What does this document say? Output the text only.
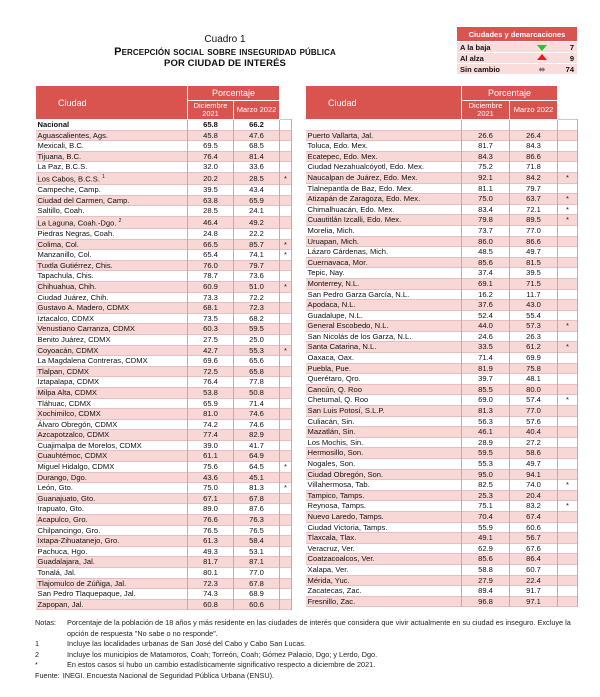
Cuadro 1
Percepción social sobre inseguridad pública
POR CIUDAD DE INTERÉS
Ciudades y demarcaciones		
A la baja		7
Al alza		9
Sin cambio	⬌	74
Ciudad	Porcentaje		
	Diciembre 2021	Marzo 2022	
Nacional	65.8	66.2	
Aguascalientes, Ags.	45.8	47.6	
Mexicali, B.C.	69.5	68.5	
Tijuana, B.C.	76.4	81.4	
La Paz, B.C.S.	32.0	33.6	
Los Cabos, B.C.S. $^1$	20.2	28.5	*
Campeche, Camp.	39.5	43.4	
Ciudad del Carmen, Camp.	63.8	65.9	
Saltillo, Coah.	28.5	24.1	
La Laguna, Coah.-Dgo. $^2$	46.4	49.2	
Piedras Negras, Coah.	24.8	22.2	
Colima, Col.	66.5	85.7	*
Manzanillo, Col.	65.4	74.1	*
Tuxtla Gutiérrez, Chis.	76.0	79.7	
Tapachula, Chis.	78.7	73.6	
Chihuahua, Chih.	60.9	51.0	*
Ciudad Juárez, Chih.	73.3	72.2	
Gustavo A. Madero, CDMX	68.1	72.3	
Iztacalco, CDMX	73.5	68.2	
Venustiano Carranza, CDMX	60.3	59.5	
Benito Juárez, CDMX	27.5	25.0	
Coyoacán, CDMX	42.7	55.3	*
La Magdalena Contreras, CDMX	69.6	65.6	
Tlalpan, CDMX	72.5	65.8	
Iztapalapa, CDMX	76.4	77.8	
Milpa Alta, CDMX	53.8	50.8	
Tláhuac, CDMX	65.9	71.4	
Xochimilco, CDMX	81.0	74.6	
Álvaro Obregón, CDMX	74.2	74.6	
Azcapotzalco, CDMX	77.4	82.9	
Cuajimalpa de Morelos, CDMX	39.0	41.7	
Cuauhtémoc, CDMX	61.1	64.9	
Miguel Hidalgo, CDMX	75.6	64.5	*
Durango, Dgo.	43.6	45.1	
León, Gto.	75.0	81.3	*
Guanajuato, Gto.	67.1	67.8	
Irapuato, Gto.	89.0	87.6	
Acapulco, Gro.	76.6	76.3	
Chilpancingo, Gro.	76.5	76.5	
Ixtapa-Zihuatanejo, Gro.	61.3	58.4	
Pachuca, Hgo.	49.3	53.1	
Guadalajara, Jal.	81.7	87.1	
Tonalá, Jal.	80.1	77.0	
Tlajomulco de Zúñiga, Jal.	72.3	67.8	
San Pedro Tlaquepaque, Jal.	74.3	68.9	
Zapopan, Jal.	60.8	60.6	
Ciudad	Porcentaje		
	Diciembre 2021	Marzo 2022	

Puerto Vallarta, Jal.	26.6	26.4	
Toluca, Edo. Mex.	81.7	84.3	
Ecatepec, Edo. Mex.	84.3	86.6	
Ciudad Nezahualcóyotl, Edo. Mex.	75.2	71.8	
Naucalpan de Juárez, Edo. Mex.	92.1	84.2	*
Tlalnepantla de Baz, Edo. Mex.	81.1	79.7	
Atizapán de Zaragoza, Edo. Mex.	75.0	63.7	*
Chimalhuacán, Edo. Mex.	83.4	72.1	*
Cuautitlán Izcalli, Edo. Mex.	79.8	89.5	*
Morelia, Mich.	73.7	77.0	
Uruapan, Mich.	86.0	86.6	
Lázaro Cárdenas, Mich.	48.5	49.7	
Cuernavaca, Mor.	85.6	81.5	
Tepic, Nay.	37.4	39.5	
Monterrey, N.L.	69.1	71.5	
San Pedro Garza García, N.L.	16.2	11.7	
Apodaca, N.L.	37.6	43.0	
Guadalupe, N.L.	52.4	55.4	
General Escobedo, N.L.	44.0	57.3	*
San Nicolás de los Garza, N.L.	24.6	26.3	
Santa Catarina, N.L.	33.5	61.2	*
Oaxaca, Oax.	71.4	69.9	
Puebla, Pue.	81.9	75.8	
Querétaro, Qro.	39.7	48.1	
Cancún, Q. Roo	85.5	80.0	
Chetumal, Q. Roo	69.0	57.4	*
San Luis Potosí, S.L.P.	81.3	77.0	
Culiacán, Sin.	56.3	57.6	
Mazatlán, Sin.	46.1	40.4	
Los Mochis, Sin.	28.9	27.2	
Hermosillo, Son.	59.5	58.6	
Nogales, Son.	55.3	49.7	
Ciudad Obregón, Son.	95.0	94.1	
Villahermosa, Tab.	82.5	74.0	*
Tampico, Tamps.	25.3	20.4	
Reynosa, Tamps.	75.1	83.2	*
Nuevo Laredo, Tamps.	70.4	67.4	
Ciudad Victoria, Tamps.	55.9	60.6	
Tlaxcala, Tlax.	49.1	56.7	
Veracruz, Ver.	62.9	67.6	
Coatzacoalcos, Ver.	85.6	86.4	
Xalapa, Ver.	58.8	60.7	
Mérida, Yuc.	27.9	22.4	
Zacatecas, Zac.	89.4	91.7	
Fresnillo, Zac.	96.8	97.1	
Notas:	Porcentaje de la población de 18 años y más residente en las ciudades de interés que considera que vivir actualmente en su ciudad es inseguro. Excluye la opción de respuesta "No sabe o no responde".
1	Incluye las localidades urbanas de San José del Cabo y Cabo San Lucas.
2	Incluye los municipios de Matamoros, Coah; Torreón, Coah; Gómez Palacio, Dgo; y Lerdo, Dgo.
*	En estos casos sí hubo un cambio estadísticamente significativo respecto a diciembre de 2021.
Fuente: INEGI. Encuesta Nacional de Seguridad Pública Urbana (ENSU).
